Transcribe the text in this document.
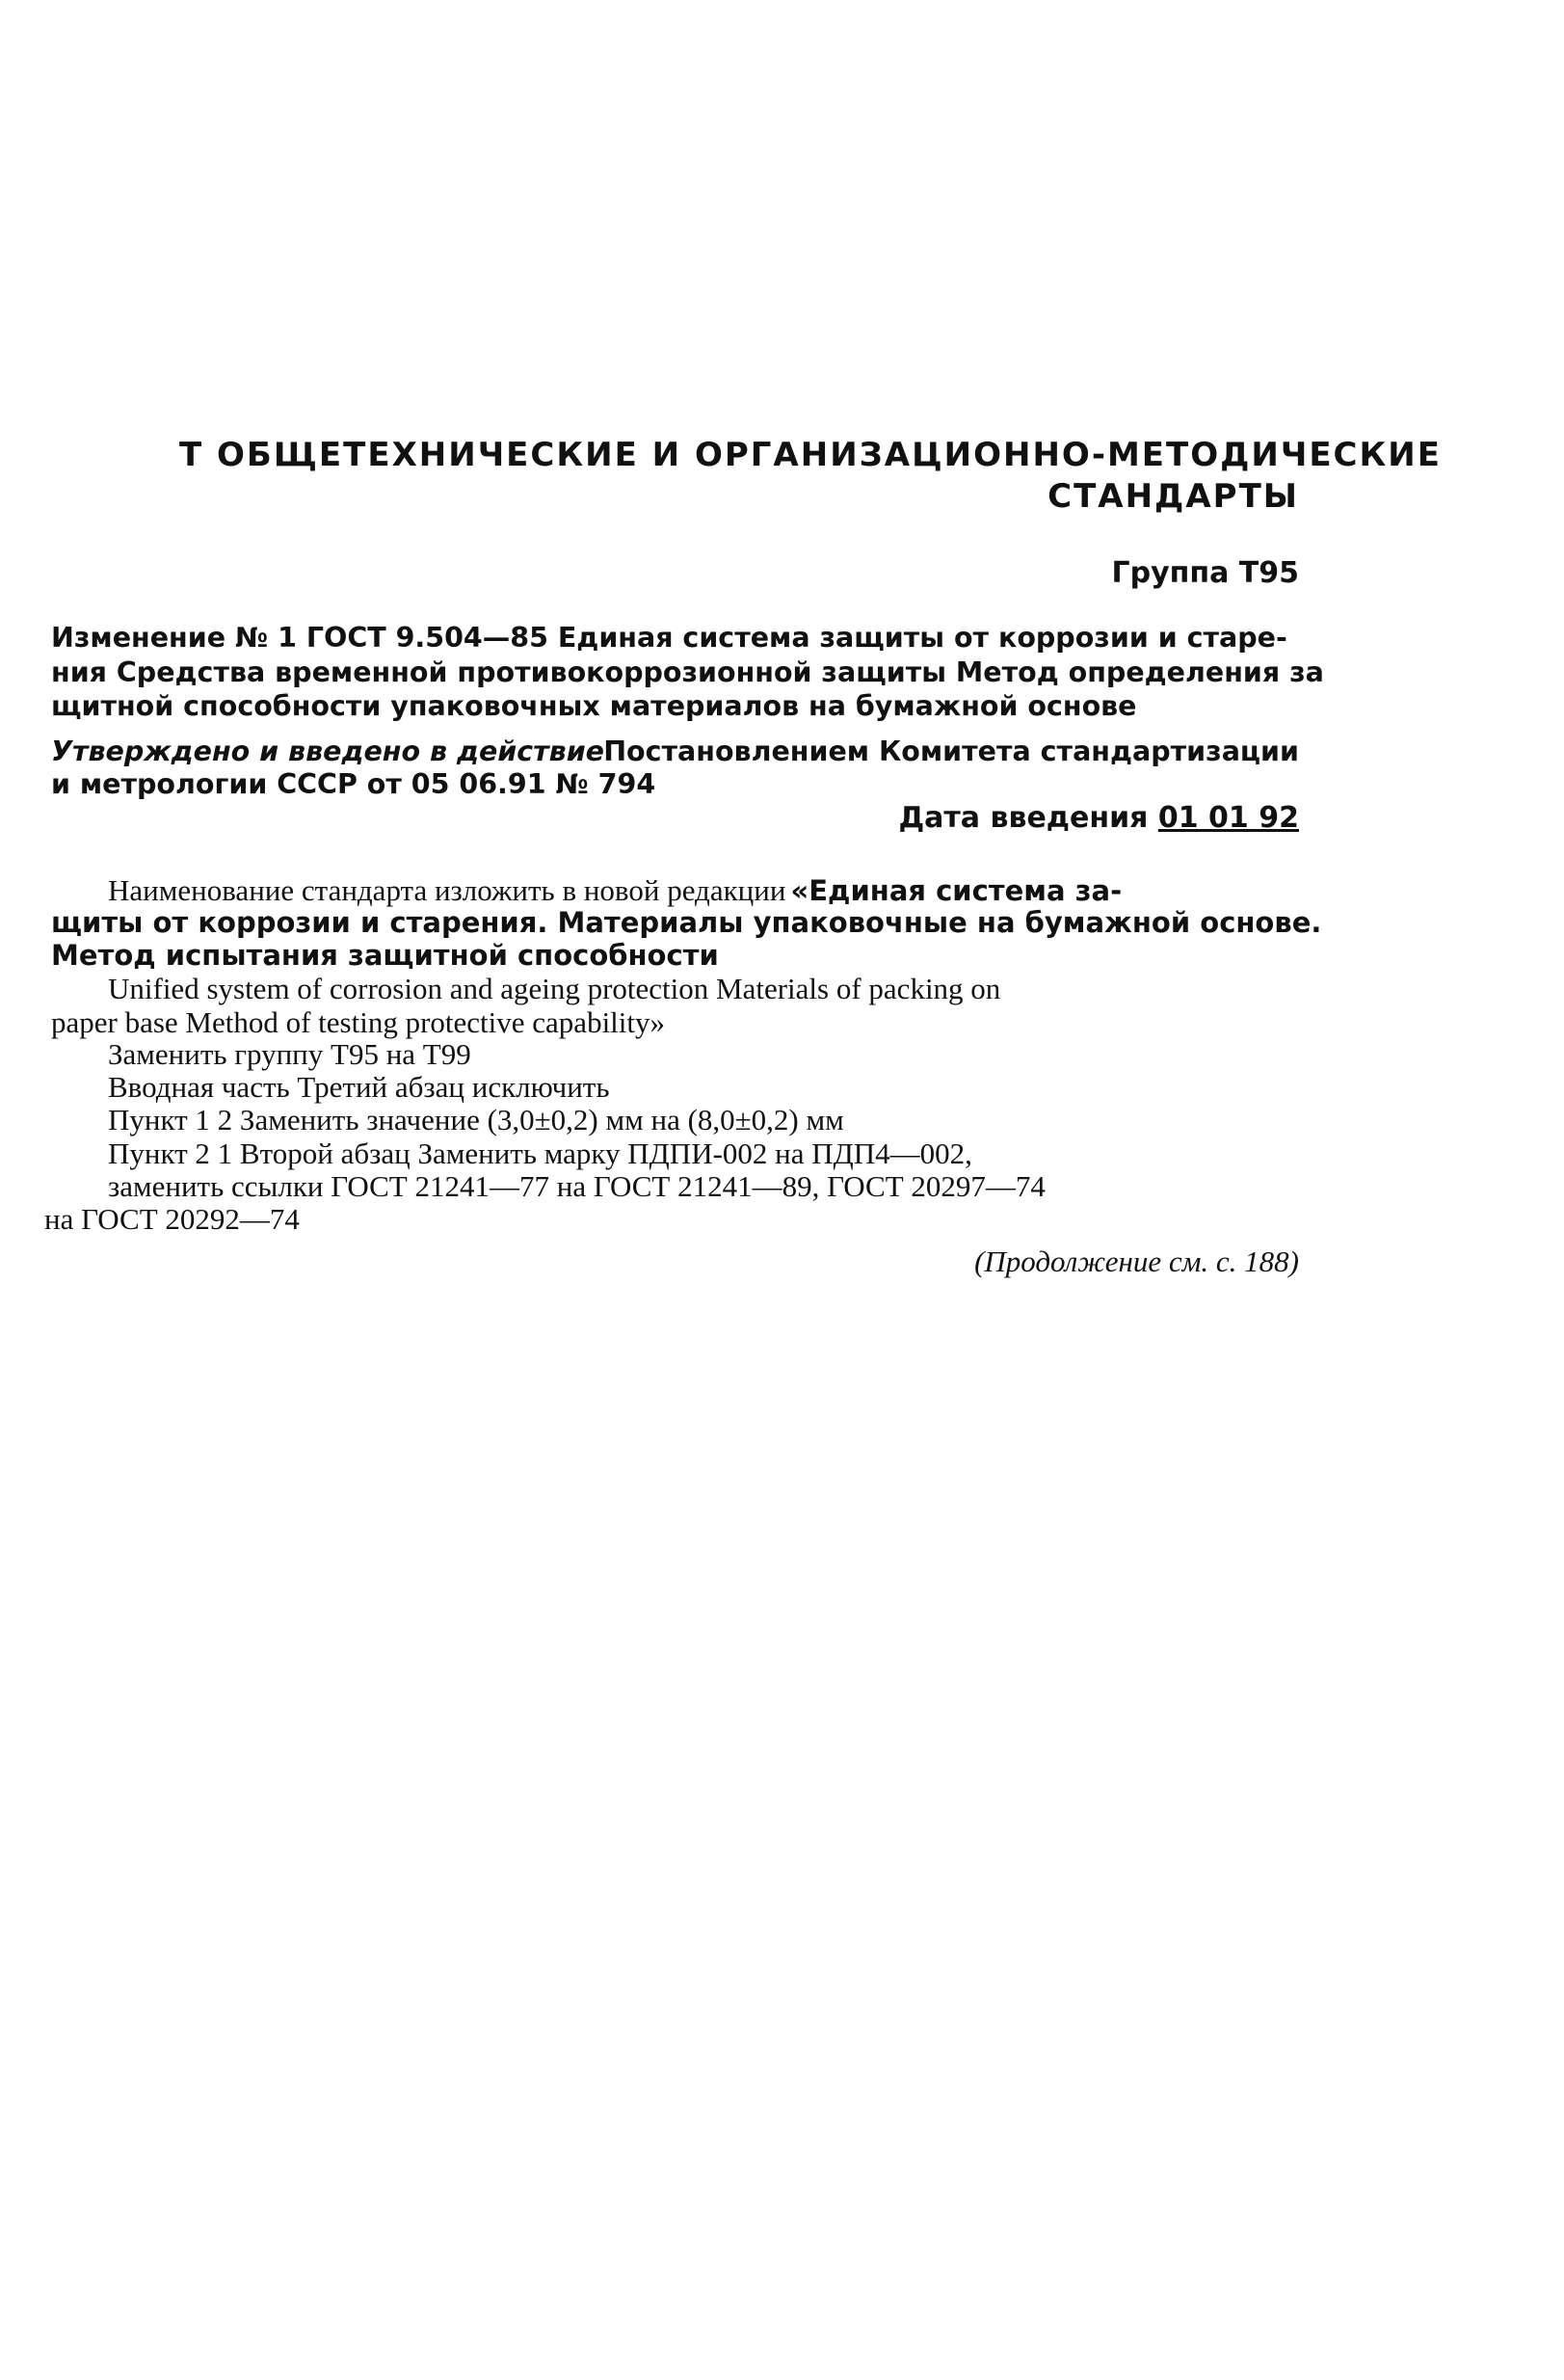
Т ОБЩЕТЕХНИЧЕСКИЕ И ОРГАНИЗАЦИОННО-МЕТОДИЧЕСКИЕ
СТАНДАРТЫ
Группа Т95
Изменение № 1 ГОСТ 9.504—85 Единая система защиты от коррозии и старе-
ния Средства временной противокоррозионной защиты Метод определения за
щитной способности упаковочных материалов на бумажной основе
Утверждено и введено в действие Постановлением Комитета стандартизации
и метрологии СССР от 05 06.91 № 794
Дата введения 01 01 92
Наименование стандарта изложить в новой редакции «Единая система за-
щиты от коррозии и старения. Материалы упаковочные на бумажной основе.
Метод испытания защитной способности
Unified system of corrosion and ageing protection Materials of packing on
paper base Method of testing protective capability»
Заменить группу Т95 на Т99
Вводная часть Третий абзац исключить
Пункт 1 2 Заменить значение (3,0±0,2) мм на (8,0±0,2) мм
Пункт 2 1 Второй абзац Заменить марку ПДПИ-002 на ПДП4—002,
заменить ссылки ГОСТ 21241—77 на ГОСТ 21241—89, ГОСТ 20297—74
на ГОСТ 20292—74
(Продолжение см. с. 188)
